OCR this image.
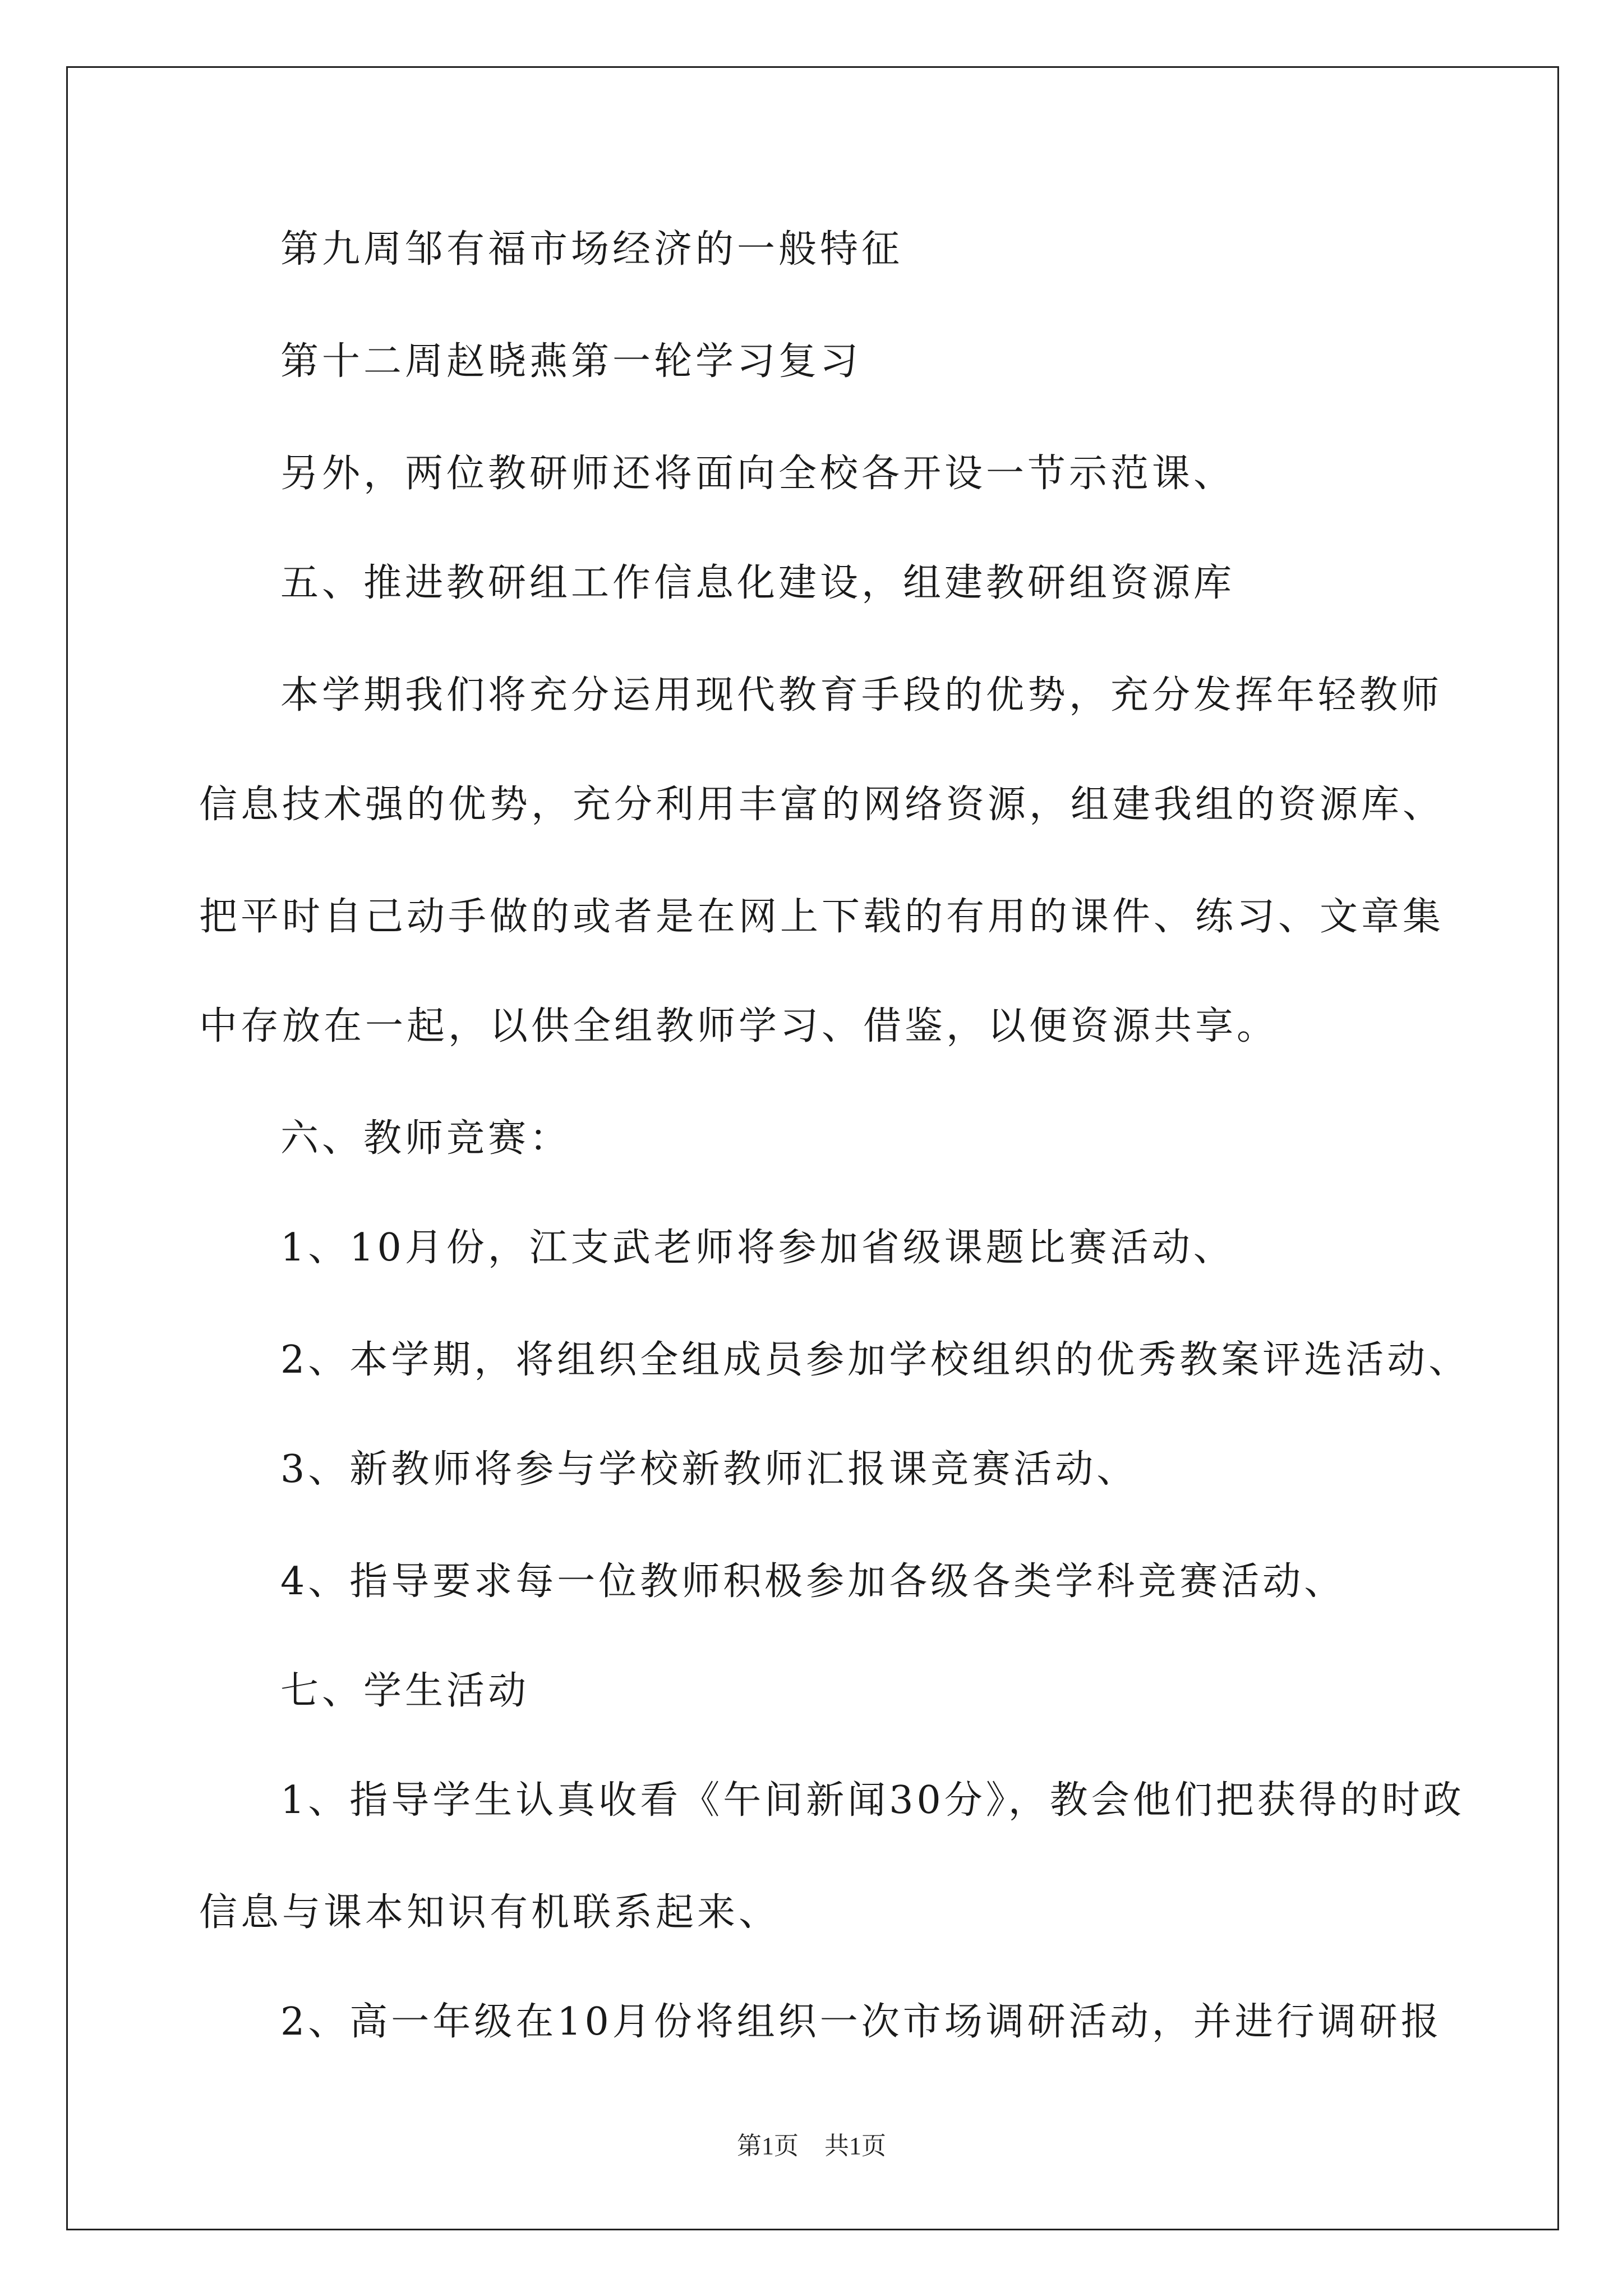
第九周邹有福市场经济的一般特征
第十二周赵晓燕第一轮学习复习
另外，两位教研师还将面向全校各开设一节示范课、
五、推进教研组工作信息化建设，组建教研组资源库
本学期我们将充分运用现代教育手段的优势，充分发挥年轻教师
信息技术强的优势，充分利用丰富的网络资源，组建我组的资源库、
把平时自己动手做的或者是在网上下载的有用的课件、练习、文章集
中存放在一起，以供全组教师学习、借鉴，以便资源共享。
六、教师竞赛：
1、10月份，江支武老师将参加省级课题比赛活动、
2、本学期，将组织全组成员参加学校组织的优秀教案评选活动、
3、新教师将参与学校新教师汇报课竞赛活动、
4、指导要求每一位教师积极参加各级各类学科竞赛活动、
七、学生活动
1、指导学生认真收看《午间新闻30分》，教会他们把获得的时政
信息与课本知识有机联系起来、
2、高一年级在10月份将组织一次市场调研活动，并进行调研报
第1页 共1页
